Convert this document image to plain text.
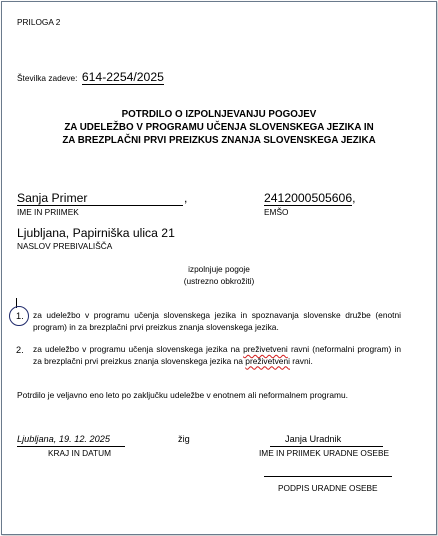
PRILOGA 2
Številka zadeve: 614-2254/2025
POTRDILO O IZPOLNJEVANJU POGOJEV
ZA UDELEŽBO V PROGRAMU UČENJA SLOVENSKEGA JEZIKA IN
ZA BREZPLAČNI PRVI PREIZKUS ZNANJA SLOVENSKEGA JEZIKA
Sanja Primer	,
IME IN PRIIMEK
2412000505606,
EMŠO
Ljubljana, Papirniška ulica 21
NASLOV PREBIVALIŠČA
izpolnjuje pogoje
(ustrezno obkrožiti)
1. za udeležbo v programu učenja slovenskega jezika in spoznavanja slovenske družbe (enotni program) in za brezplačni prvi preizkus znanja slovenskega jezika.
2. za udeležbo v programu učenja slovenskega jezika na preživetveni ravni (neformalni program) in za brezplačni prvi preizkus znanja slovenskega jezika na preživetveni ravni.
Potrdilo je veljavno eno leto po zaključku udeležbe v enotnem ali neformalnem programu.
Ljubljana, 19. 12. 2025
KRAJ IN DATUM
žig	Janja Uradnik
IME IN PRIIMEK URADNE OSEBE
PODPIS URADNE OSEBE
